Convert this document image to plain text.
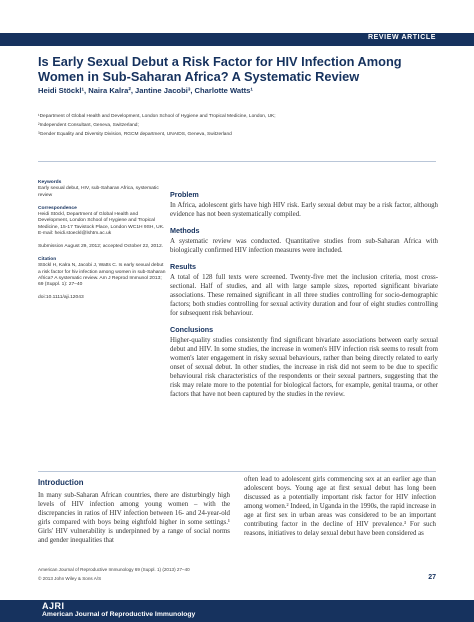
REVIEW ARTICLE
Is Early Sexual Debut a Risk Factor for HIV Infection Among Women in Sub-Saharan Africa? A Systematic Review
Heidi Stöckl¹, Naira Kalra², Jantine Jacobi³, Charlotte Watts¹
¹Department of Global Health and Development, London School of Hygiene and Tropical Medicine, London, UK;
²Independent Consultant, Geneva, Switzerland;
³Gender Equality and Diversity Division, RGCM department, UNAIDS, Geneva, Switzerland
Keywords
Early sexual debut, HIV, sub-Saharan Africa, systematic review
Correspondence
Heidi Stöckl, Department of Global Health and Development, London School of Hygiene and Tropical Medicine, 15-17 Tavistock Place, London WC1H 9SH, UK. E-mail: heidi.stoeckl@lshtm.ac.uk
Submission August 29, 2012; accepted October 22, 2012.
Citation
Stöckl H, Kalra N, Jacobi J, Watts C. Is early sexual debut a risk factor for hiv infection among women in sub-Saharan Africa? A systematic review. Am J Reprod Immunol 2013; 69 (Suppl. 1): 27–40
doi:10.1111/aji.12043
Problem
In Africa, adolescent girls have high HIV risk. Early sexual debut may be a risk factor, although evidence has not been systematically compiled.
Methods
A systematic review was conducted. Quantitative studies from sub-Saharan Africa with biologically confirmed HIV infection measures were included.
Results
A total of 128 full texts were screened. Twenty-five met the inclusion criteria, most cross-sectional. Half of studies, and all with large sample sizes, reported significant bivariate associations. These remained significant in all three studies controlling for socio-demographic factors; both studies controlling for sexual activity duration and four of eight studies controlling for subsequent risk behaviour.
Conclusions
Higher-quality studies consistently find significant bivariate associations between early sexual debut and HIV. In some studies, the increase in women's HIV infection risk seems to result from women's later engagement in risky sexual behaviours, rather than being directly related to early onset of sexual debut. In other studies, the increase in risk did not seem to be due to specific behavioural risk characteristics of the respondents or their sexual partners, suggesting that the risk may relate more to the potential for biological factors, for example, genital trauma, or other factors that have not been captured by the studies in the review.
Introduction
In many sub-Saharan African countries, there are disturbingly high levels of HIV infection among young women – with the discrepancies in ratios of HIV infection between 16- and 24-year-old girls compared with boys being eightfold higher in some settings.¹ Girls' HIV vulnerability is underpinned by a range of social norms and gender inequalities that
often lead to adolescent girls commencing sex at an earlier age than adolescent boys. Young age at first sexual debut has long been discussed as a potentially important risk factor for HIV infection among women.² Indeed, in Uganda in the 1990s, the rapid increase in age at first sex in urban areas was considered to be an important contributing factor in the decline of HIV prevalence.³ For such reasons, initiatives to delay sexual debut have been considered as
American Journal of Reproductive Immunology 69 (Suppl. 1) (2013) 27–40
© 2013 John Wiley & Sons A/S	27
AJRI
American Journal of Reproductive Immunology
